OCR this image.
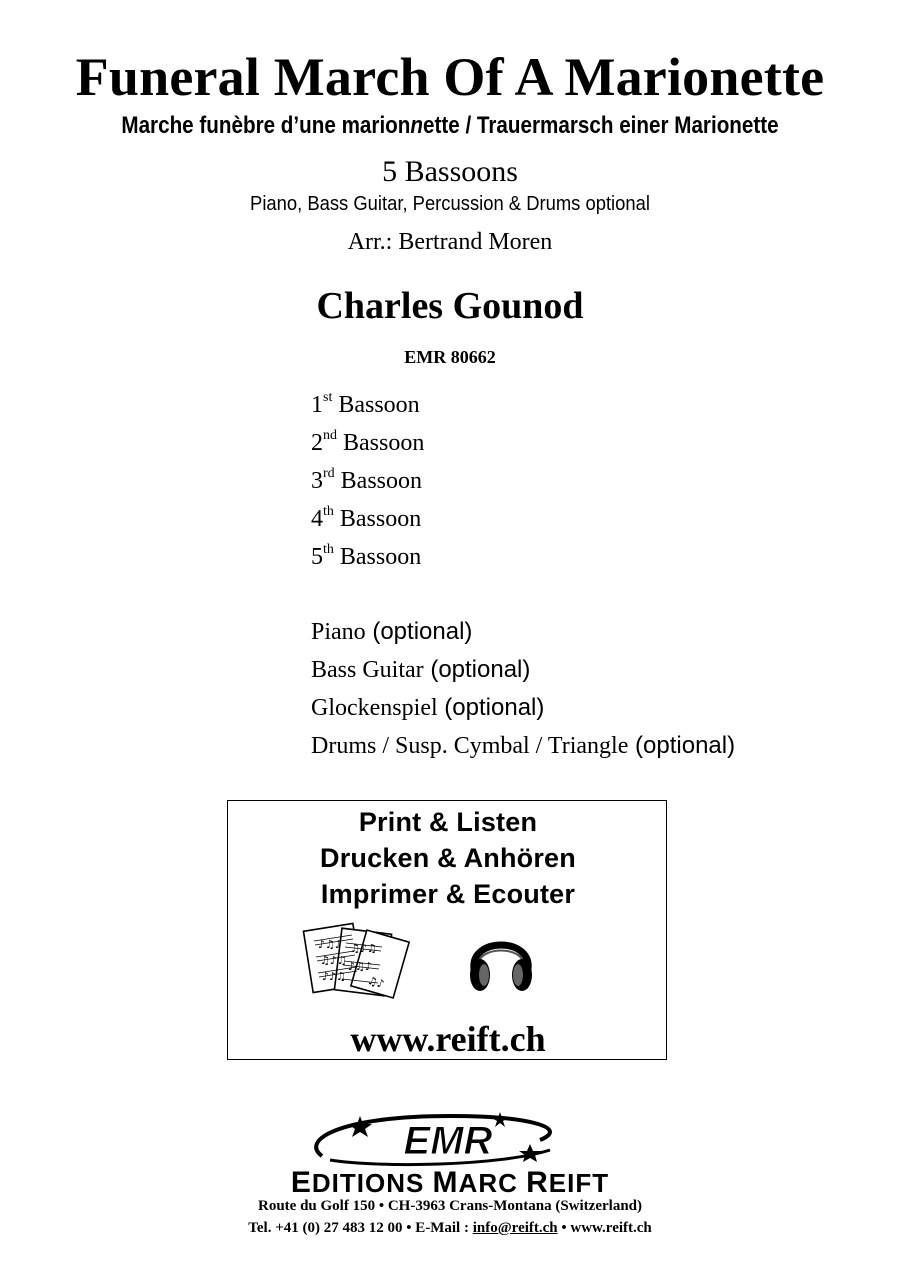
Funeral March Of A Marionette
Marche funèbre d’une marionnette / Trauermarsch einer Marionette
5 Bassoons
Piano, Bass Guitar, Percussion & Drums optional
Arr.: Bertrand Moren
Charles Gounod
EMR 80662
1st Bassoon
2nd Bassoon
3rd Bassoon
4th Bassoon
5th Bassoon
Piano (optional)
Bass Guitar (optional)
Glockenspiel (optional)
Drums / Susp. Cymbal / Triangle (optional)
Print & Listen
Drucken & Anhören
Imprimer & Ecouter
♪♫♪
♫♪♫
♪♪♫
♫♪♫
♪♫♪
♫♪
www.reift.ch
EMR
EDITIONS MARC REIFT
Route du Golf 150 • CH-3963 Crans-Montana (Switzerland)
Tel. +41 (0) 27 483 12 00 • E-Mail : info@reift.ch • www.reift.ch
